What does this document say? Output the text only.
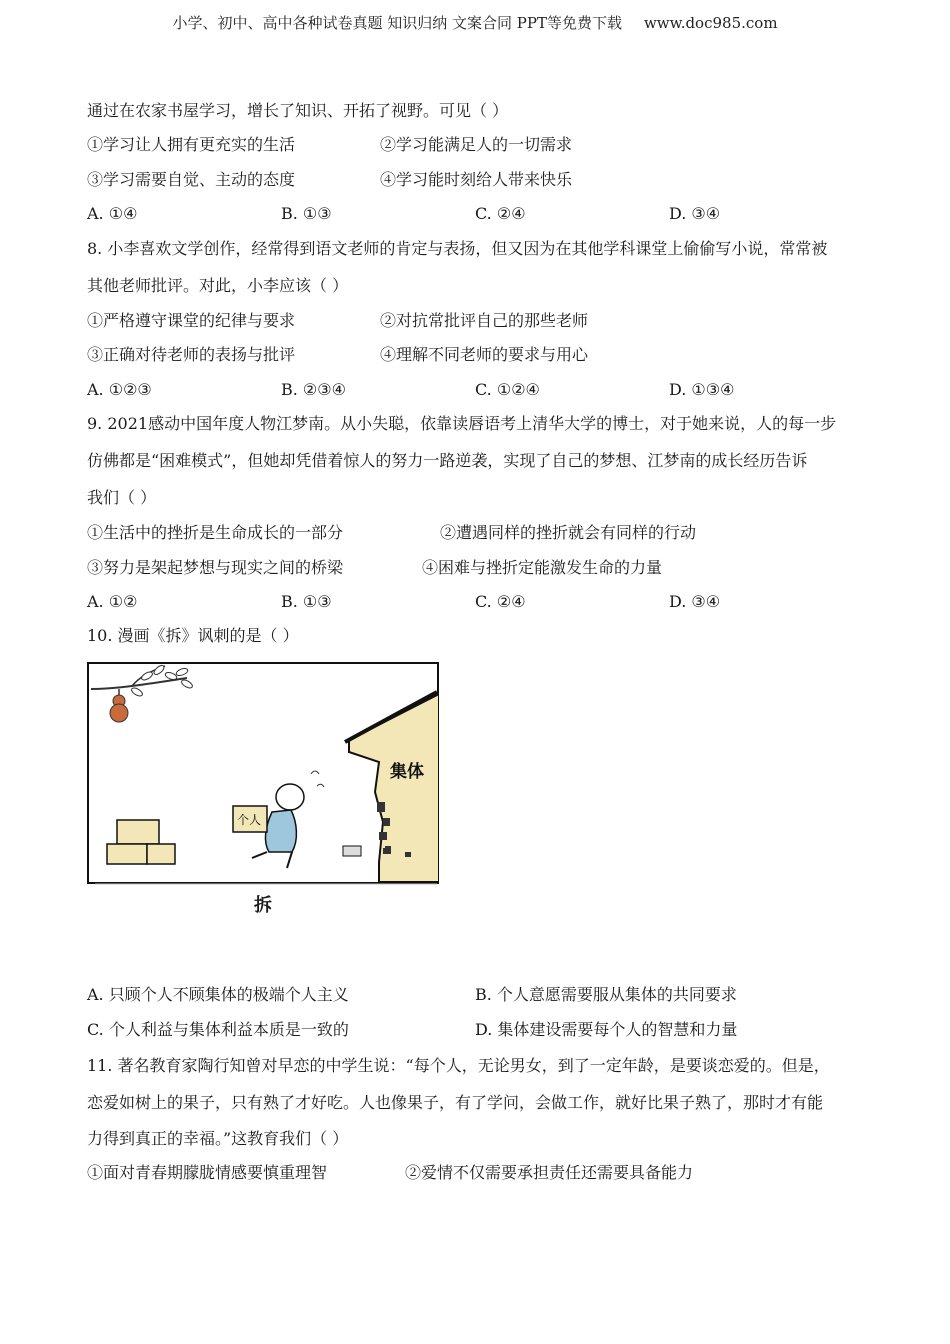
小学、初中、高中各种试卷真题 知识归纳 文案合同 PPT等免费下载 www.doc985.com
通过在农家书屋学习，增长了知识、开拓了视野。可见（ ）
①学习让人拥有更充实的生活	②学习能满足人的一切需求
③学习需要自觉、主动的态度	④学习能时刻给人带来快乐
A. ①④	B. ①③	C. ②④	D. ③④
8. 小李喜欢文学创作，经常得到语文老师的肯定与表扬，但又因为在其他学科课堂上偷偷写小说，常常被
其他老师批评。对此，小李应该（ ）
①严格遵守课堂的纪律与要求	②对抗常批评自己的那些老师
③正确对待老师的表扬与批评	④理解不同老师的要求与用心
A. ①②③	B. ②③④	C. ①②④	D. ①③④
9. 2021感动中国年度人物江梦南。从小失聪，依靠读唇语考上清华大学的博士，对于她来说，人的每一步
仿佛都是“困难模式”，但她却凭借着惊人的努力一路逆袭，实现了自己的梦想、江梦南的成长经历告诉
我们（ ）
①生活中的挫折是生命成长的一部分	②遭遇同样的挫折就会有同样的行动
③努力是架起梦想与现实之间的桥梁	④困难与挫折定能激发生命的力量
A. ①②	B. ①③	C. ②④	D. ③④
10. 漫画《拆》讽刺的是（ ）
集体
个人
拆
A. 只顾个人不顾集体的极端个人主义	B. 个人意愿需要服从集体的共同要求
C. 个人利益与集体利益本质是一致的	D. 集体建设需要每个人的智慧和力量
11. 著名教育家陶行知曾对早恋的中学生说：“每个人，无论男女，到了一定年龄，是要谈恋爱的。但是，
恋爱如树上的果子，只有熟了才好吃。人也像果子，有了学问，会做工作，就好比果子熟了，那时才有能
力得到真正的幸福。”这教育我们（ ）
①面对青春期朦胧情感要慎重理智	②爱情不仅需要承担责任还需要具备能力
